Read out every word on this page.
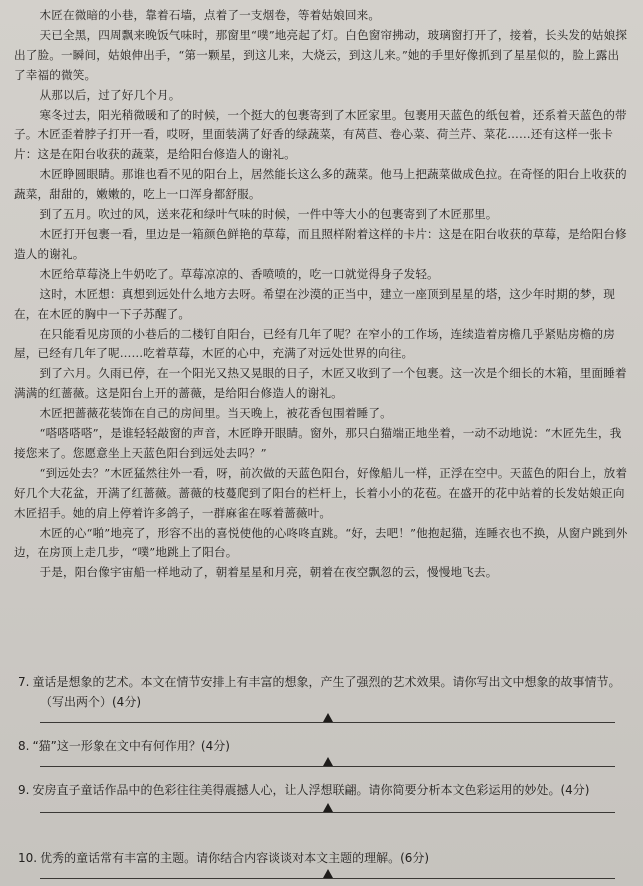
木匠在微暗的小巷，靠着石墙，点着了一支烟卷，等着姑娘回来。

天已全黑，四周飘来晚饭气味时，那窗里“噗”地亮起了灯。白色窗帘拂动，玻璃窗打开了，接着，长头发的姑娘探出了脸。一瞬间，姑娘伸出手，“第一颗星，到这儿来，大烧云，到这儿来。”她的手里好像抓到了星星似的，脸上露出了幸福的微笑。

从那以后，过了好几个月。

寒冬过去，阳光稍微暖和了的时候，一个挺大的包裹寄到了木匠家里。包裹用天蓝色的纸包着，还系着天蓝色的带子。木匠歪着脖子打开一看，哎呀，里面装满了好香的绿蔬菜，有莴苣、卷心菜、荷兰芹、菜花……还有这样一张卡片：这是在阳台收获的蔬菜，是给阳台修造人的谢礼。

木匠睁圆眼睛。那谁也看不见的阳台上，居然能长这么多的蔬菜。他马上把蔬菜做成色拉。在奇怪的阳台上收获的蔬菜，甜甜的，嫩嫩的，吃上一口浑身都舒服。

到了五月。吹过的风，送来花和绿叶气味的时候，一件中等大小的包裹寄到了木匠那里。

木匠打开包裹一看，里边是一箱颜色鲜艳的草莓，而且照样附着这样的卡片：这是在阳台收获的草莓，是给阳台修造人的谢礼。

木匠给草莓浇上牛奶吃了。草莓凉凉的、香喷喷的，吃一口就觉得身子发轻。

这时，木匠想：真想到远处什么地方去呀。希望在沙漠的正当中，建立一座顶到星星的塔，这少年时期的梦，现在，在木匠的胸中一下子苏醒了。

在只能看见房顶的小巷后的二楼钉自阳台，已经有几年了呢？在窄小的工作场，连续造着房檐几乎紧贴房檐的房屋，已经有几年了呢……吃着草莓，木匠的心中，充满了对远处世界的向往。

到了六月。久雨已停，在一个阳光又热又晃眼的日子，木匠又收到了一个包裹。这一次是个细长的木箱，里面睡着满满的红蔷薇。这是阳台上开的蔷薇，是给阳台修造人的谢礼。

木匠把蔷薇花装饰在自己的房间里。当天晚上，被花香包围着睡了。

“嗒嗒嗒嗒”，是谁轻轻敲窗的声音，木匠睁开眼睛。窗外，那只白猫端正地坐着，一动不动地说：“木匠先生，我接您来了。您愿意坐上天蓝色阳台到远处去吗？”

“到远处去？”木匠猛然往外一看，呀，前次做的天蓝色阳台，好像船儿一样，正浮在空中。天蓝色的阳台上，放着好几个大花盆，开满了红蔷薇。蔷薇的枝蔓爬到了阳台的栏杆上，长着小小的花苞。在盛开的花中站着的长发姑娘正向木匠招手。她的肩上停着许多鸽子，一群麻雀在啄着蔷薇叶。

木匠的心“啪”地亮了，形容不出的喜悦使他的心咚咚直跳。“好，去吧！”他抱起猫，连睡衣也不换，从窗户跳到外边，在房顶上走几步，“噗”地跳上了阳台。

于是，阳台像宇宙船一样地动了，朝着星星和月亮，朝着在夜空飘忽的云，慢慢地飞去。

7. 童话是想象的艺术。本文在情节安排上有丰富的想象，产生了强烈的艺术效果。请你写出文中想象的故事情节。（写出两个）(4分)
8. “猫”这一形象在文中有何作用？(4分)
9. 安房直子童话作品中的色彩往往美得震撼人心，让人浮想联翩。请你简要分析本文色彩运用的妙处。(4分)
10. 优秀的童话常有丰富的主题。请你结合内容谈谈对本文主题的理解。(6分)
